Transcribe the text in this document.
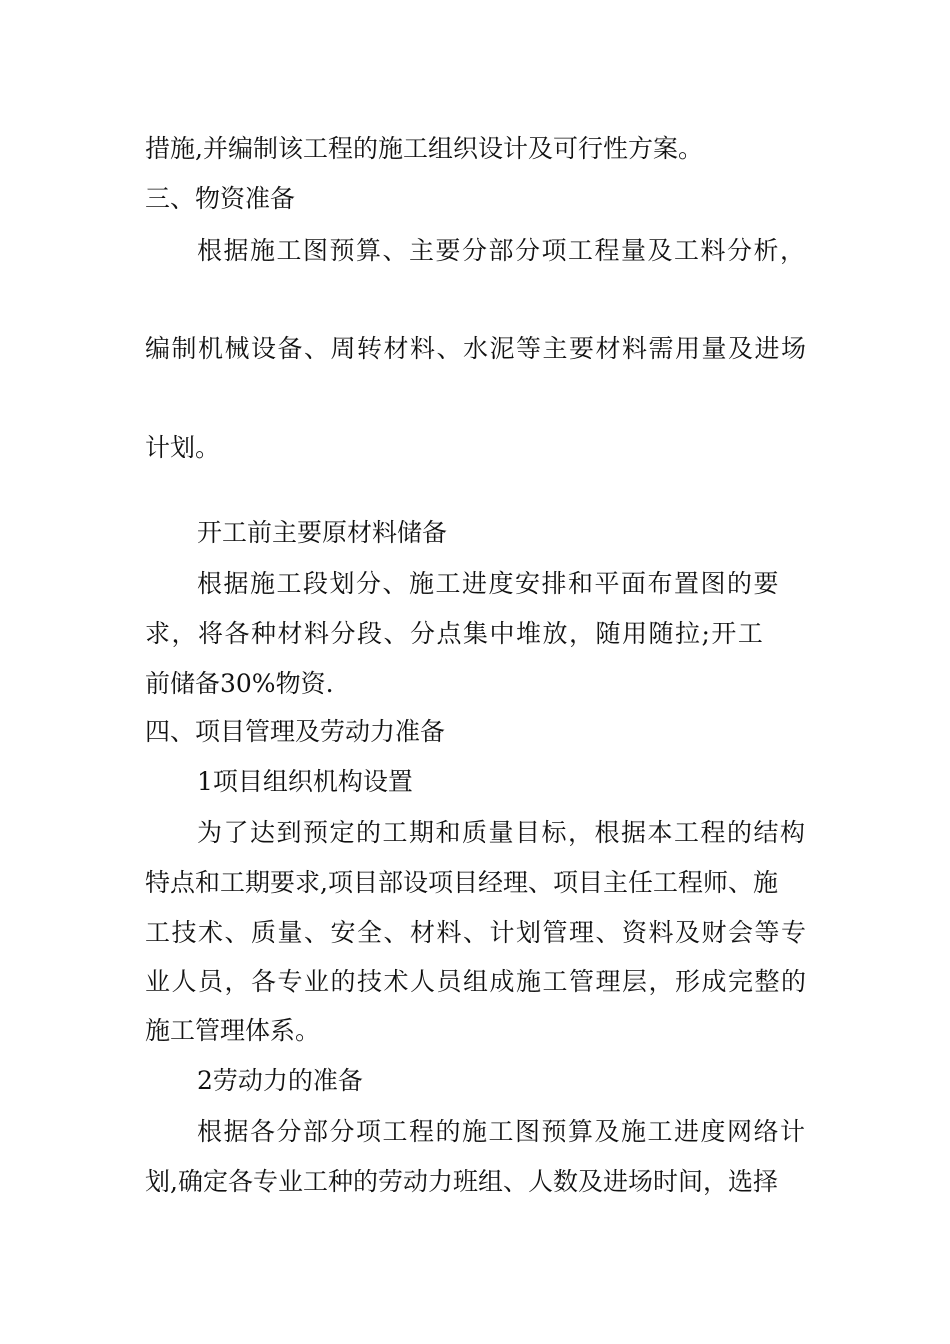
措施,并编制该工程的施工组织设计及可行性方案。

三、物资准备

根据施工图预算、主要分部分项工程量及工料分析，

编制机械设备、周转材料、水泥等主要材料需用量及进场

计划。

开工前主要原材料储备

根据施工段划分、施工进度安排和平面布置图的要

求，将各种材料分段、分点集中堆放，随用随拉;开工

前储备30%物资.

四、项目管理及劳动力准备

1项目组织机构设置

为了达到预定的工期和质量目标，根据本工程的结构

特点和工期要求,项目部设项目经理、项目主任工程师、施

工技术、质量、安全、材料、计划管理、资料及财会等专

业人员，各专业的技术人员组成施工管理层，形成完整的

施工管理体系。

2劳动力的准备

根据各分部分项工程的施工图预算及施工进度网络计

划,确定各专业工种的劳动力班组、人数及进场时间，选择
